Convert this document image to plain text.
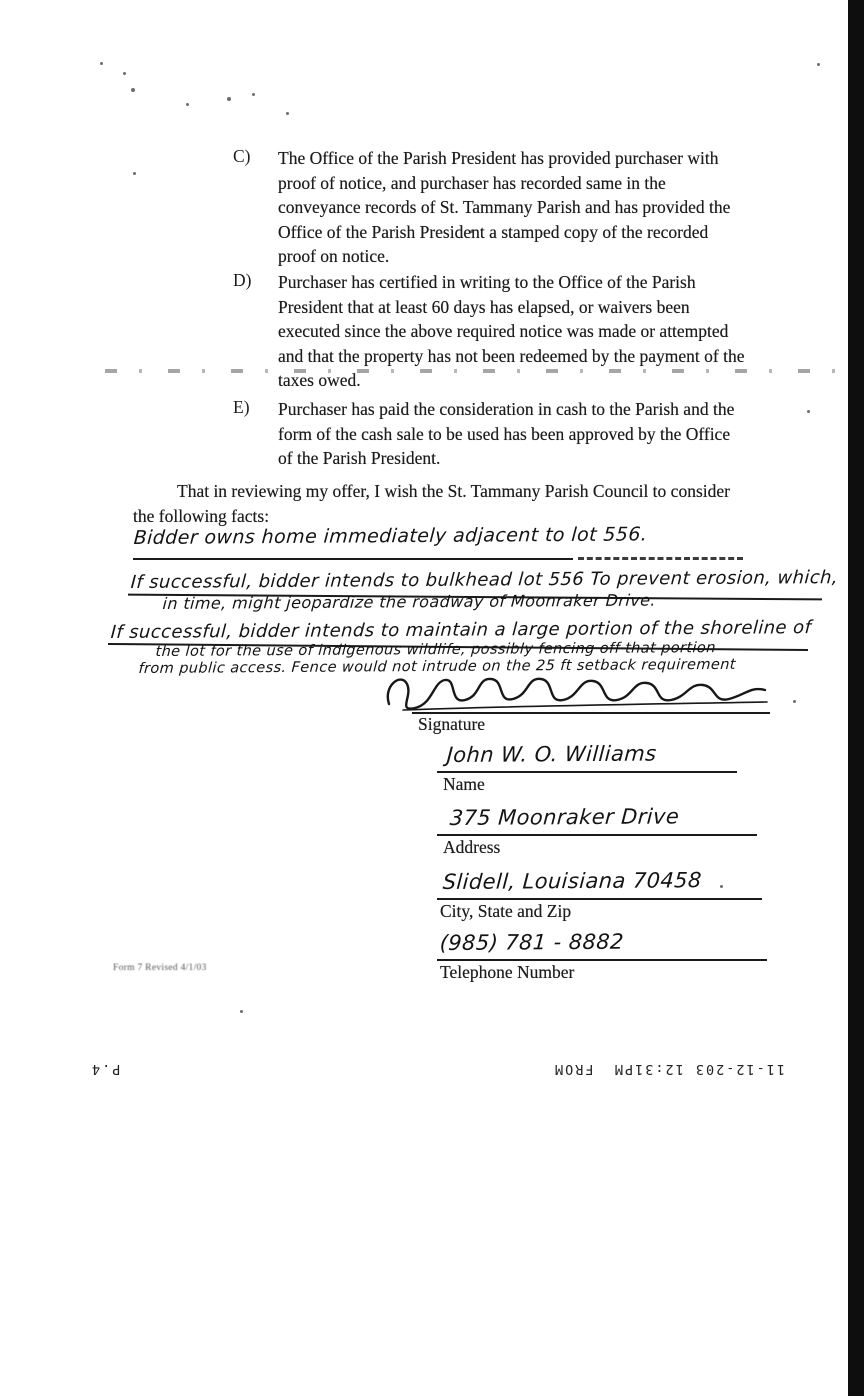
C)	The Office of the Parish President has provided purchaser with proof of notice, and purchaser has recorded same in the conveyance records of St. Tammany Parish and has provided the Office of the Parish President a stamped copy of the recorded proof on notice.
D)	Purchaser has certified in writing to the Office of the Parish President that at least 60 days has elapsed, or waivers been executed since the above required notice was made or attempted and that the property has not been redeemed by the payment of the taxes owed.
E)	Purchaser has paid the consideration in cash to the Parish and the form of the cash sale to be used has been approved by the Office of the Parish President.
That in reviewing my offer, I wish the St. Tammany Parish Council to consider the following facts:
Bidder owns home immediately adjacent to lot 556.
If successful, bidder intends to bulkhead lot 556 To prevent erosion, which,
in time, might jeopardize the roadway of Moonraker Drive.
If successful, bidder intends to maintain a large portion of the shoreline of
the lot for the use of indigenous wildlife, possibly fencing off that portion
from public access. Fence would not intrude on the 25 ft setback requirement
Signature
John W. O. Williams
Name
375 Moonraker Drive
Address
Slidell, Louisiana 70458
City, State and Zip
(985) 781 - 8882
Telephone Number
Form 7 Revised 4/1/03
11-12-203 12:31PM
FROM
P.4
